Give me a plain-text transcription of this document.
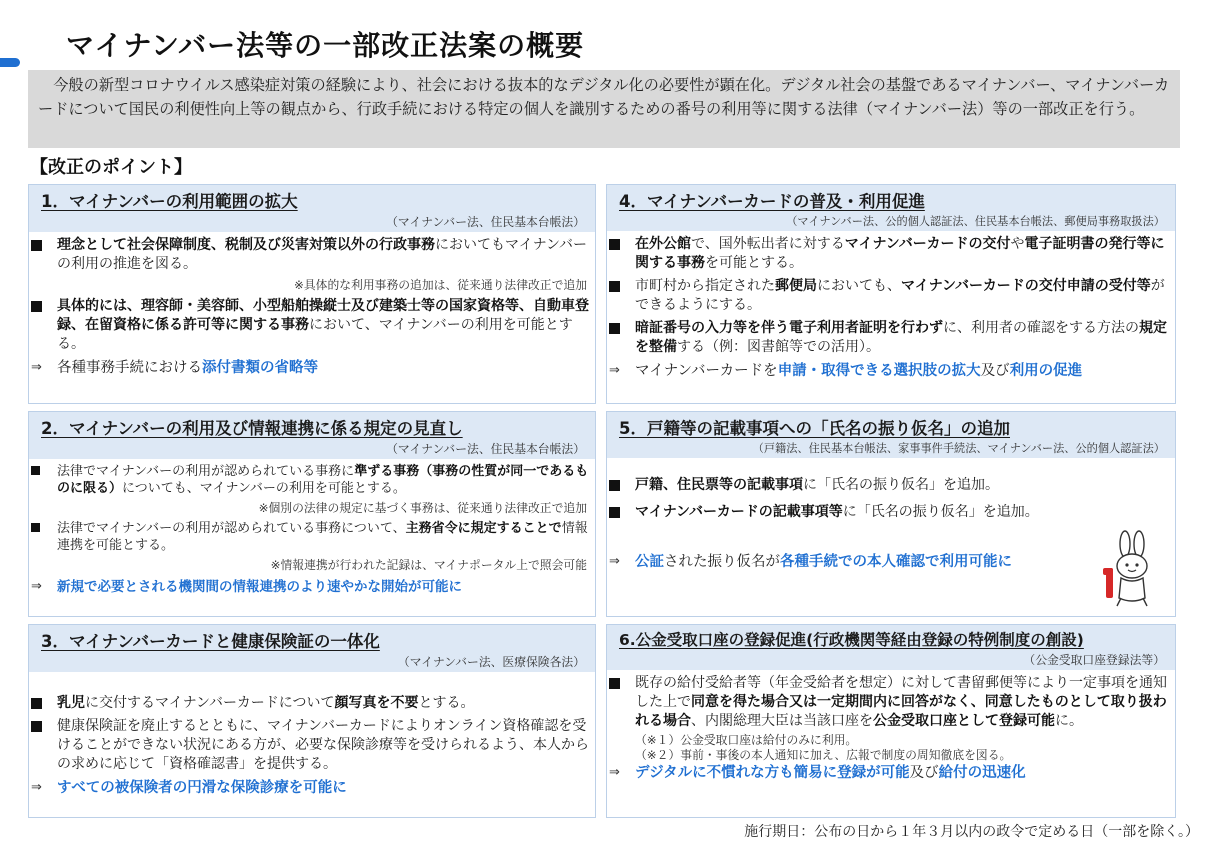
マイナンバー法等の一部改正法案の概要
今般の新型コロナウイルス感染症対策の経験により、社会における抜本的なデジタル化の必要性が顕在化。デジタル社会の基盤であるマイナンバー、マイナンバーカードについて国民の利便性向上等の観点から、行政手続における特定の個人を識別するための番号の利用等に関する法律（マイナンバー法）等の一部改正を行う。
【改正のポイント】
1．マイナンバーの利用範囲の拡大
（マイナンバー法、住民基本台帳法）
理念として社会保障制度、税制及び災害対策以外の行政事務においてもマイナンバーの利用の推進を図る。
※具体的な利用事務の追加は、従来通り法律改正で追加
具体的には、理容師・美容師、小型船舶操縦士及び建築士等の国家資格等、自動車登録、在留資格に係る許可等に関する事務において、マイナンバーの利用を可能とする。
⇒ 各種事務手続における添付書類の省略等
2．マイナンバーの利用及び情報連携に係る規定の見直し
（マイナンバー法、住民基本台帳法）
法律でマイナンバーの利用が認められている事務に準ずる事務（事務の性質が同一であるものに限る）についても、マイナンバーの利用を可能とする。
※個別の法律の規定に基づく事務は、従来通り法律改正で追加
法律でマイナンバーの利用が認められている事務について、主務省令に規定することで情報連携を可能とする。
※情報連携が行われた記録は、マイナポータル上で照会可能
⇒ 新規で必要とされる機関間の情報連携のより速やかな開始が可能に
3．マイナンバーカードと健康保険証の一体化
（マイナンバー法、医療保険各法）
乳児に交付するマイナンバーカードについて顔写真を不要とする。
健康保険証を廃止するとともに、マイナンバーカードによりオンライン資格確認を受けることができない状況にある方が、必要な保険診療等を受けられるよう、本人からの求めに応じて「資格確認書」を提供する。
⇒ すべての被保険者の円滑な保険診療を可能に
4．マイナンバーカードの普及・利用促進
（マイナンバー法、公的個人認証法、住民基本台帳法、郵便局事務取扱法）
在外公館で、国外転出者に対するマイナンバーカードの交付や電子証明書の発行等に関する事務を可能とする。
市町村から指定された郵便局においても、マイナンバーカードの交付申請の受付等ができるようにする。
暗証番号の入力等を伴う電子利用者証明を行わずに、利用者の確認をする方法の規定を整備する（例：図書館等での活用）。
⇒ マイナンバーカードを申請・取得できる選択肢の拡大及び利用の促進
5．戸籍等の記載事項への「氏名の振り仮名」の追加
（戸籍法、住民基本台帳法、家事事件手続法、マイナンバー法、公的個人認証法）
戸籍、住民票等の記載事項に「氏名の振り仮名」を追加。
マイナンバーカードの記載事項等に「氏名の振り仮名」を追加。
⇒ 公証された振り仮名が各種手続での本人確認で利用可能に
6.公金受取口座の登録促進(行政機関等経由登録の特例制度の創設)
（公金受取口座登録法等）
既存の給付受給者等（年金受給者を想定）に対して書留郵便等により一定事項を通知した上で同意を得た場合又は一定期間内に回答がなく、同意したものとして取り扱われる場合、内閣総理大臣は当該口座を公金受取口座として登録可能に。
（※１）公金受取口座は給付のみに利用。
（※２）事前・事後の本人通知に加え、広報で制度の周知徹底を図る。
⇒ デジタルに不慣れな方も簡易に登録が可能及び給付の迅速化
施行期日：公布の日から１年３月以内の政令で定める日（一部を除く。）
